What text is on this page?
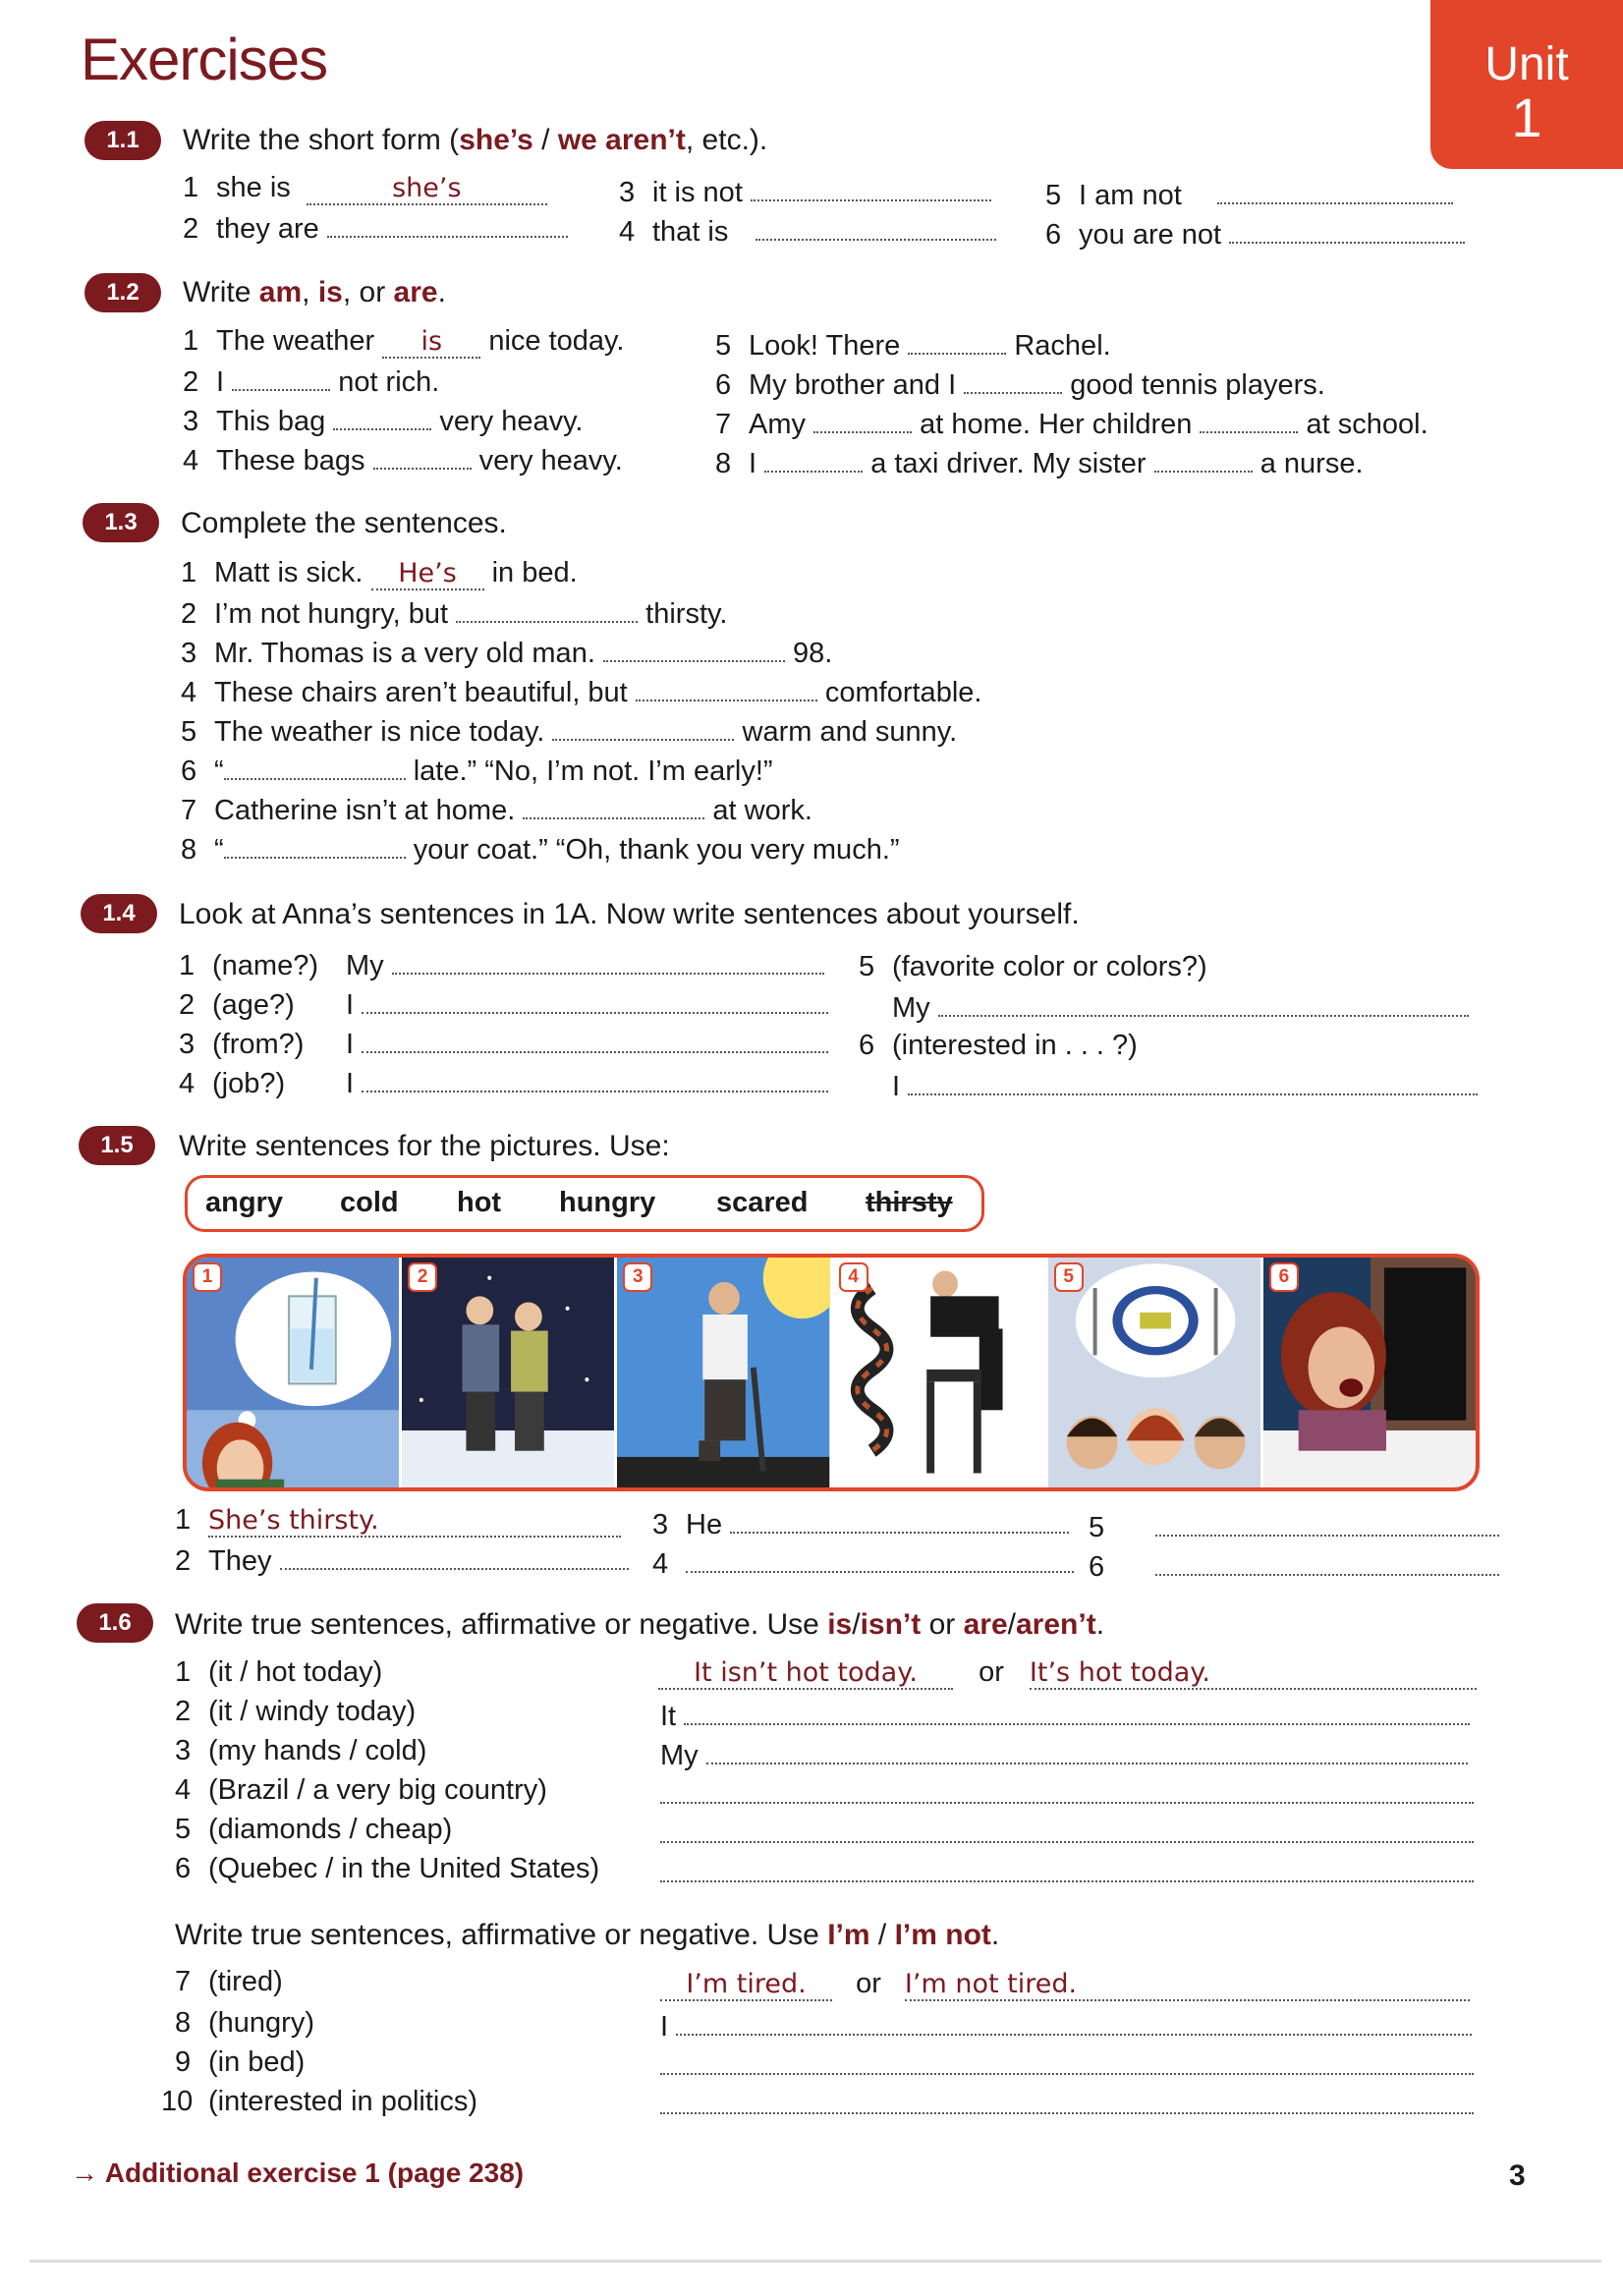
Exercises	Unit
1
1.1	Write the short form (she’s / we aren’t, etc.).
1 she is	she’s
2 they are
3 it is not
4 that is
5 I am not
6 you are not
1.2	Write am, is, or are.
1 The weather is nice today.
2 I	not rich.
3 This bag	very heavy.
4 These bags	very heavy.
5 Look! There	Rachel.
6 My brother and I	good tennis players.
7 Amy	at home. Her children	at school.
8 I	a taxi driver. My sister	a nurse.
1.3	Complete the sentences.
1 Matt is sick. He’s in bed.
2 I’m not hungry, but	thirsty.
3 Mr. Thomas is a very old man.	98.
4 These chairs aren’t beautiful, but	comfortable.
5 The weather is nice today.	warm and sunny.
6 “	late.” “No, I’m not. I’m early!”
7 Catherine isn’t at home.	at work.
8 “	your coat.” “Oh, thank you very much.”
1.4	Look at Anna’s sentences in 1A. Now write sentences about yourself.
1 (name?) My
2 (age?) I
3 (from?) I
4 (job?) I
5 (favorite color or colors?)
My
6 (interested in . . . ?)
I
1.5	Write sentences for the pictures. Use:
angry cold hot hungry scared thirsty
1	2	3	4	5	6
1 She’s thirsty.
2 They
3 He
4
5
6
1.6	Write true sentences, affirmative or negative. Use is/isn’t or are/aren’t.
1 (it / hot today)	It isn’t hot today. or It’s hot today.
2 (it / windy today)	It
3 (my hands / cold)	My
4 (Brazil / a very big country)
5 (diamonds / cheap)
6 (Quebec / in the United States)
Write true sentences, affirmative or negative. Use I’m / I’m not.
7 (tired)	I’m tired. or I’m not tired.
8 (hungry)	I
9 (in bed)
10 (interested in politics)
→ Additional exercise 1 (page 238)	3
